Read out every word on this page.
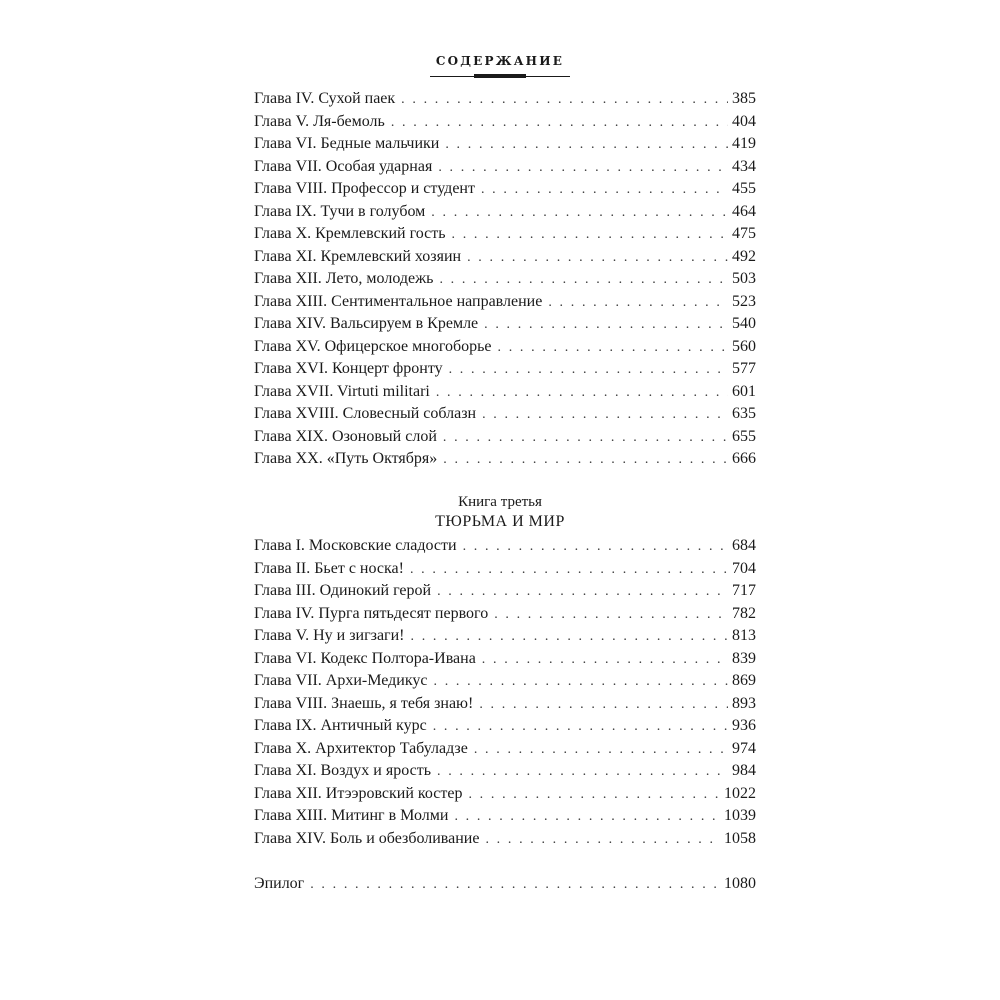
СОДЕРЖАНИЕ
Глава IV. Сухой паек . . .	385
Глава V. Ля-бемоль . . .	404
Глава VI. Бедные мальчики . . .	419
Глава VII. Особая ударная . . .	434
Глава VIII. Профессор и студент . . .	455
Глава IX. Тучи в голубом . . .	464
Глава X. Кремлевский гость . . .	475
Глава XI. Кремлевский хозяин . . .	492
Глава XII. Лето, молодежь . . .	503
Глава XIII. Сентиментальное направление . . .	523
Глава XIV. Вальсируем в Кремле . . .	540
Глава XV. Офицерское многоборье . . .	560
Глава XVI. Концерт фронту . . .	577
Глава XVII. Virtuti militari . . .	601
Глава XVIII. Словесный соблазн . . .	635
Глава XIX. Озоновый слой . . .	655
Глава XX. «Путь Октября» . . .	666
Книга третья
ТЮРЬМА И МИР
Глава I. Московские сладости . . .	684
Глава II. Бьет с носка! . . .	704
Глава III. Одинокий герой . . .	717
Глава IV. Пурга пятьдесят первого . . .	782
Глава V. Ну и зигзаги! . . .	813
Глава VI. Кодекс Полтора-Ивана . . .	839
Глава VII. Архи-Медикус . . .	869
Глава VIII. Знаешь, я тебя знаю! . . .	893
Глава IX. Античный курс . . .	936
Глава X. Архитектор Табуладзе . . .	974
Глава XI. Воздух и ярость . . .	984
Глава XII. Итээровский костер . . .	1022
Глава XIII. Митинг в Молми . . .	1039
Глава XIV. Боль и обезболивание . . .	1058
Эпилог . . .	1080
